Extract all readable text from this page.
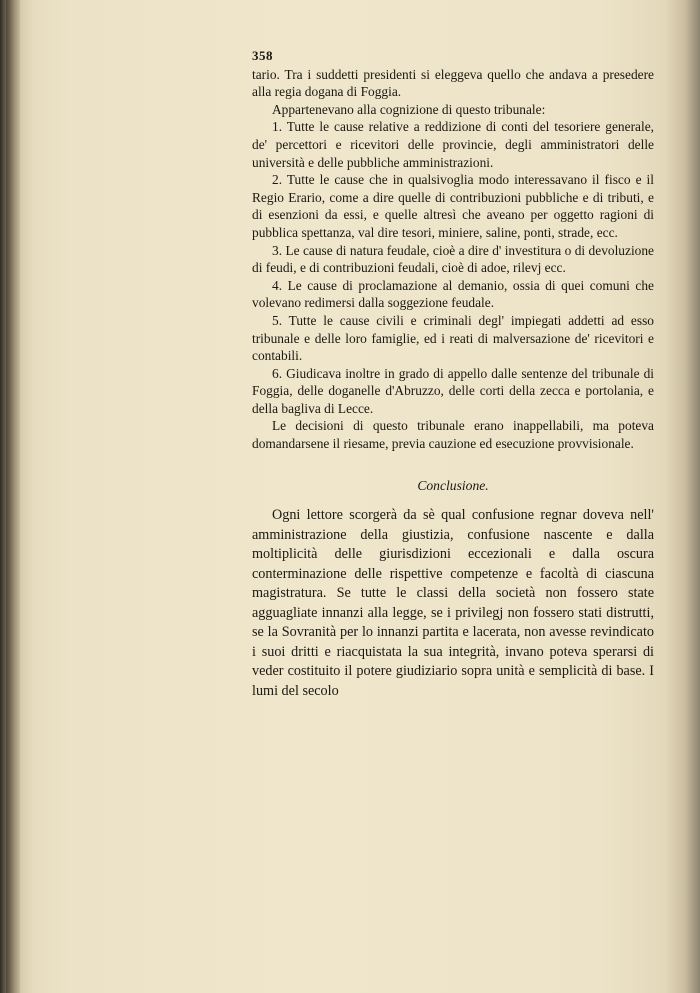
358

tario. Tra i suddetti presidenti si eleggeva quello che andava a presedere alla regia dogana di Foggia.

Appartenevano alla cognizione di questo tribunale:

1. Tutte le cause relative a reddizione di conti del tesoriere generale, de' percettori e ricevitori delle provincie, degli amministratori delle università e delle pubbliche amministrazioni.

2. Tutte le cause che in qualsivoglia modo interessavano il fisco e il Regio Erario, come a dire quelle di contribuzioni pubbliche e di tributi, e di esenzioni da essi, e quelle altresì che aveano per oggetto ragioni di pubblica spettanza, val dire tesori, miniere, saline, ponti, strade, ecc.

3. Le cause di natura feudale, cioè a dire d' investitura o di devoluzione di feudi, e di contribuzioni feudali, cioè di adoe, rilevj ecc.

4. Le cause di proclamazione al demanio, ossia di quei comuni che volevano redimersi dalla soggezione feudale.

5. Tutte le cause civili e criminali degl' impiegati addetti ad esso tribunale e delle loro famiglie, ed i reati di malversazione de' ricevitori e contabili.

6. Giudicava inoltre in grado di appello dalle sentenze del tribunale di Foggia, delle doganelle d'Abruzzo, delle corti della zecca e portolania, e della bagliva di Lecce.

Le decisioni di questo tribunale erano inappellabili, ma poteva domandarsene il riesame, previa cauzione ed esecuzione provvisionale.

Conclusione.

Ogni lettore scorgerà da sè qual confusione regnar doveva nell' amministrazione della giustizia, confusione nascente e dalla moltiplicità delle giurisdizioni eccezionali e dalla oscura conterminazione delle rispettive competenze e facoltà di ciascuna magistratura. Se tutte le classi della società non fossero state agguagliate innanzi alla legge, se i privilegj non fossero stati distrutti, se la Sovranità per lo innanzi partita e lacerata, non avesse revindicato i suoi dritti e riacquistata la sua integrità, invano poteva sperarsi di veder costituito il potere giudiziario sopra unità e semplicità di base. I lumi del secolo
